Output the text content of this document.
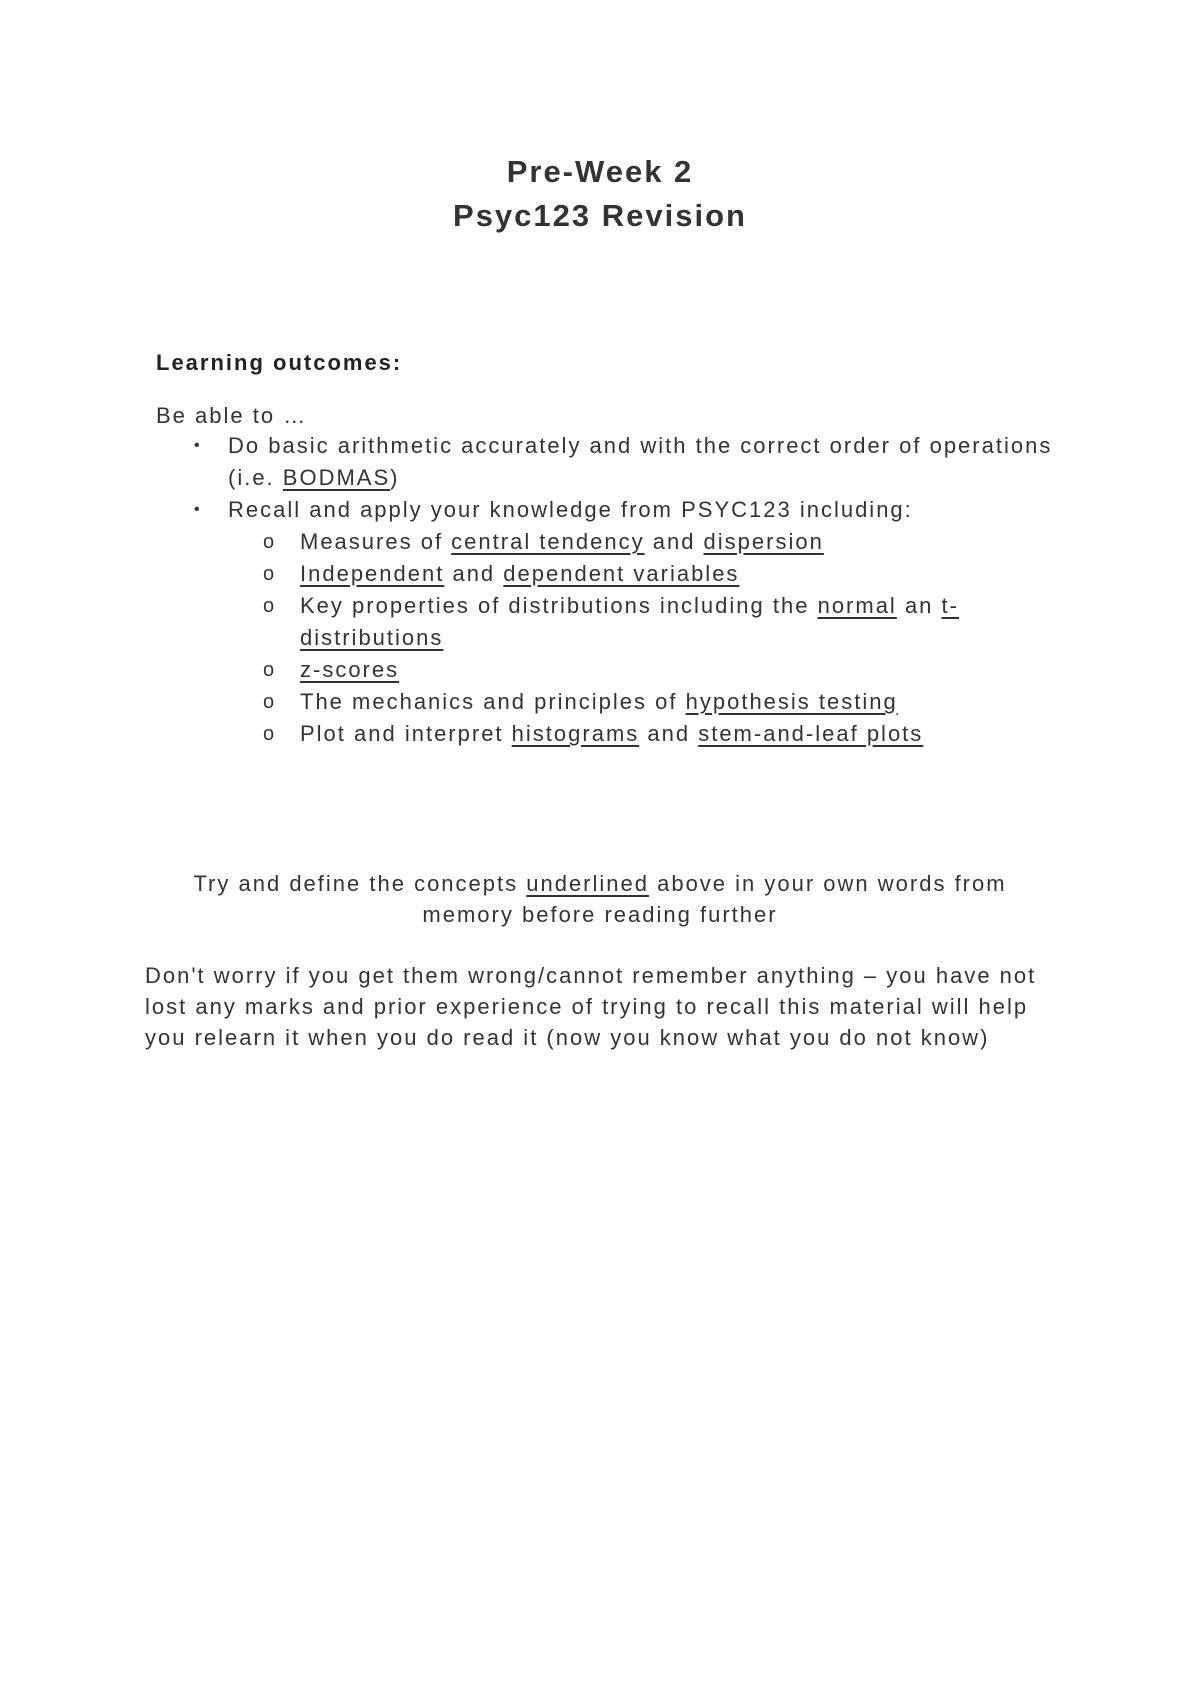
Pre-Week 2
Psyc123 Revision
Learning outcomes:
Be able to …
• Do basic arithmetic accurately and with the correct order of operations (i.e. BODMAS)
• Recall and apply your knowledge from PSYC123 including:
o Measures of central tendency and dispersion
o Independent and dependent variables
o Key properties of distributions including the normal an t-distributions
o z-scores
o The mechanics and principles of hypothesis testing
o Plot and interpret histograms and stem-and-leaf plots
Try and define the concepts underlined above in your own words from memory before reading further
Don't worry if you get them wrong/cannot remember anything – you have not lost any marks and prior experience of trying to recall this material will help you relearn it when you do read it (now you know what you do not know)
